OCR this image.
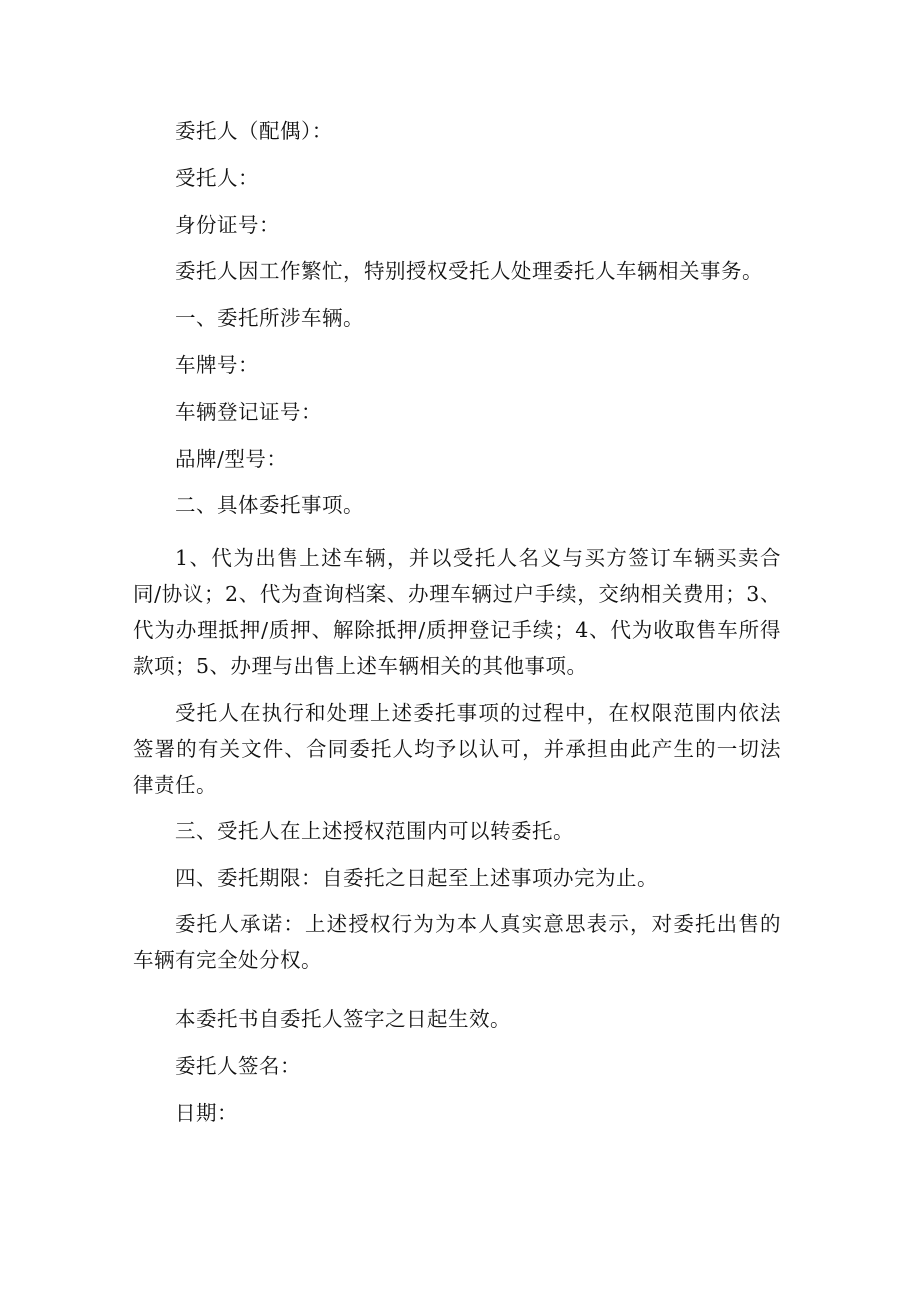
委托人（配偶）：

受托人：

身份证号：

委托人因工作繁忙，特别授权受托人处理委托人车辆相关事务。

一、委托所涉车辆。

车牌号：

车辆登记证号：

品牌/型号：

二、具体委托事项。

1、代为出售上述车辆，并以受托人名义与买方签订车辆买卖合同/协议；2、代为查询档案、办理车辆过户手续，交纳相关费用；3、代为办理抵押/质押、解除抵押/质押登记手续；4、代为收取售车所得款项；5、办理与出售上述车辆相关的其他事项。

受托人在执行和处理上述委托事项的过程中，在权限范围内依法签署的有关文件、合同委托人均予以认可，并承担由此产生的一切法律责任。

三、受托人在上述授权范围内可以转委托。

四、委托期限：自委托之日起至上述事项办完为止。

委托人承诺：上述授权行为为本人真实意思表示，对委托出售的车辆有完全处分权。

本委托书自委托人签字之日起生效。

委托人签名：

日期：
